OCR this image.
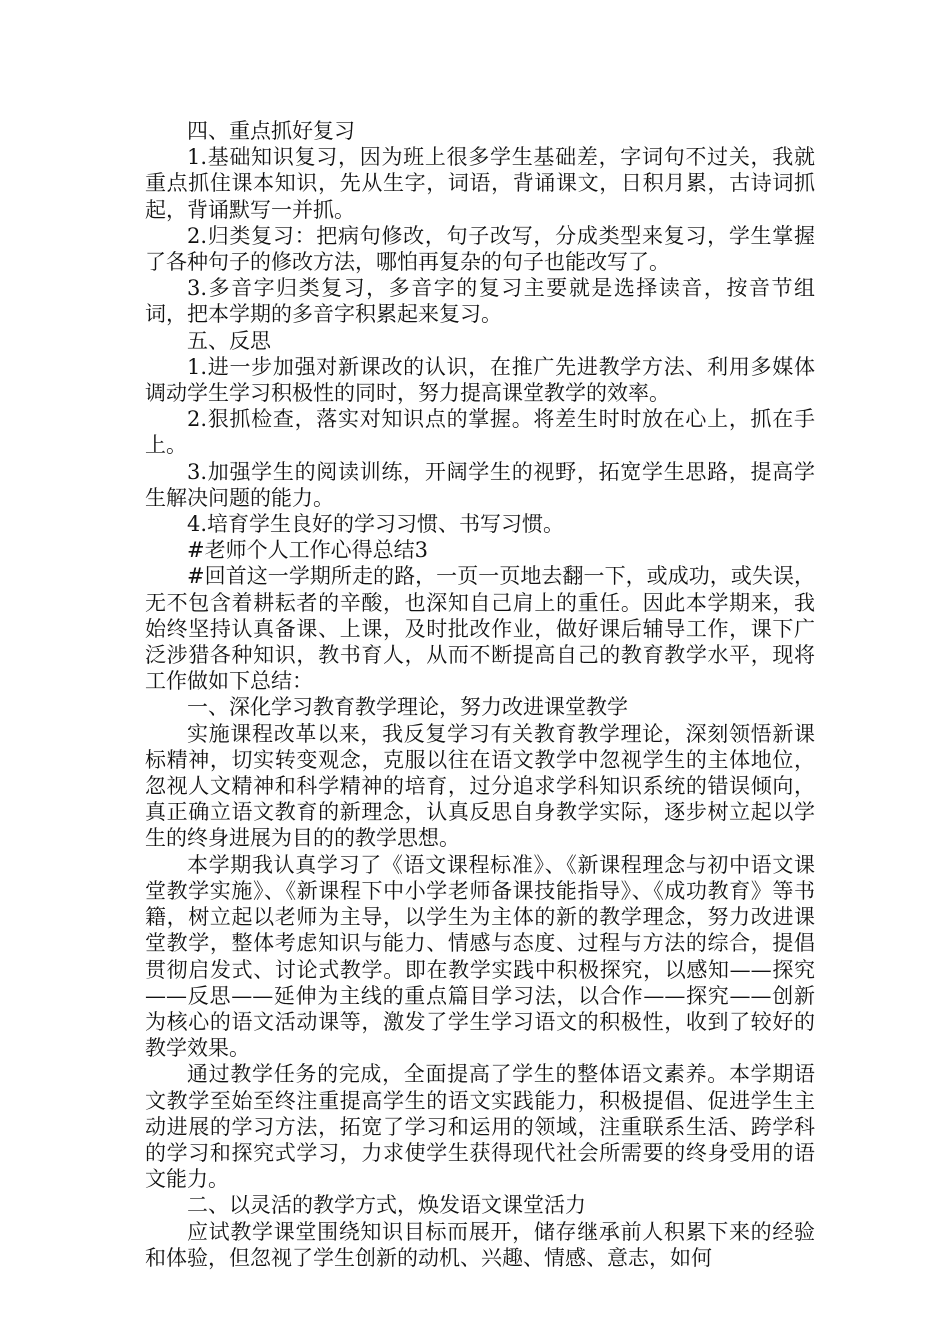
四、重点抓好复习

1.基础知识复习，因为班上很多学生基础差，字词句不过关，我就重点抓住课本知识，先从生字，词语，背诵课文，日积月累，古诗词抓起，背诵默写一并抓。

2.归类复习：把病句修改，句子改写，分成类型来复习，学生掌握了各种句子的修改方法，哪怕再复杂的句子也能改写了。

3.多音字归类复习，多音字的复习主要就是选择读音，按音节组词，把本学期的多音字积累起来复习。

五、反思

1.进一步加强对新课改的认识，在推广先进教学方法、利用多媒体调动学生学习积极性的同时，努力提高课堂教学的效率。

2.狠抓检查，落实对知识点的掌握。将差生时时放在心上，抓在手上。

3.加强学生的阅读训练，开阔学生的视野，拓宽学生思路，提高学生解决问题的能力。

4.培育学生良好的学习习惯、书写习惯。

#老师个人工作心得总结3

#回首这一学期所走的路，一页一页地去翻一下，或成功，或失误，无不包含着耕耘者的辛酸，也深知自己肩上的重任。因此本学期来，我始终坚持认真备课、上课，及时批改作业，做好课后辅导工作，课下广泛涉猎各种知识，教书育人，从而不断提高自己的教育教学水平，现将工作做如下总结：

一、深化学习教育教学理论，努力改进课堂教学

实施课程改革以来，我反复学习有关教育教学理论，深刻领悟新课标精神，切实转变观念，克服以往在语文教学中忽视学生的主体地位，忽视人文精神和科学精神的培育，过分追求学科知识系统的错误倾向，真正确立语文教育的新理念，认真反思自身教学实际，逐步树立起以学生的终身进展为目的的教学思想。

本学期我认真学习了《语文课程标准》、《新课程理念与初中语文课堂教学实施》、《新课程下中小学老师备课技能指导》、《成功教育》等书籍，树立起以老师为主导，以学生为主体的新的教学理念，努力改进课堂教学，整体考虑知识与能力、情感与态度、过程与方法的综合，提倡贯彻启发式、讨论式教学。即在教学实践中积极探究，以感知——探究——反思——延伸为主线的重点篇目学习法，以合作——探究——创新为核心的语文活动课等，激发了学生学习语文的积极性，收到了较好的教学效果。

通过教学任务的完成，全面提高了学生的整体语文素养。本学期语文教学至始至终注重提高学生的语文实践能力，积极提倡、促进学生主动进展的学习方法，拓宽了学习和运用的领域，注重联系生活、跨学科的学习和探究式学习，力求使学生获得现代社会所需要的终身受用的语文能力。

二、以灵活的教学方式，焕发语文课堂活力

应试教学课堂围绕知识目标而展开，储存继承前人积累下来的经验和体验，但忽视了学生创新的动机、兴趣、情感、意志，如何
